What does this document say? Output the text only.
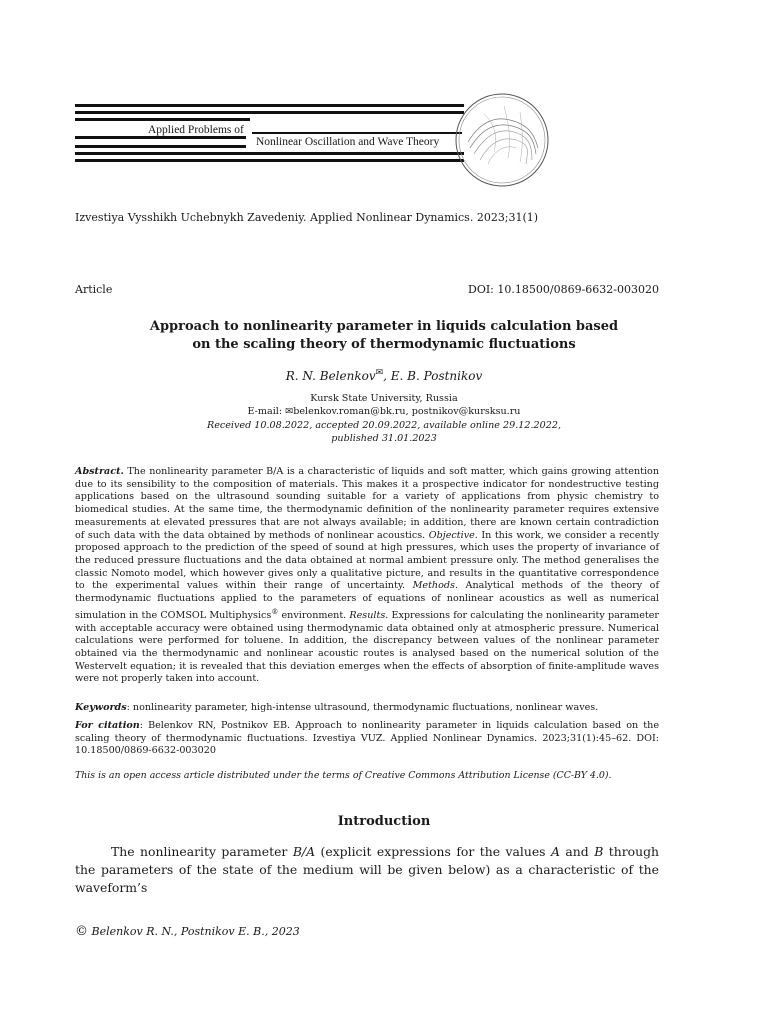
Applied Problems of
Nonlinear Oscillation and Wave Theory
Izvestiya Vysshikh Uchebnykh Zavedeniy. Applied Nonlinear Dynamics. 2023;31(1)
Article	DOI: 10.18500/0869-6632-003020
Approach to nonlinearity parameter in liquids calculation based
on the scaling theory of thermodynamic fluctuations
R. N. Belenkov✉, E. B. Postnikov
Kursk State University, Russia
E-mail: ✉belenkov.roman@bk.ru, postnikov@kursksu.ru
Received 10.08.2022, accepted 20.09.2022, available online 29.12.2022,
published 31.01.2023
Abstract. The nonlinearity parameter B/A is a characteristic of liquids and soft matter, which gains growing attention due to its sensibility to the composition of materials. This makes it a prospective indicator for nondestructive testing applications based on the ultrasound sounding suitable for a variety of applications from physic chemistry to biomedical studies. At the same time, the thermodynamic definition of the nonlinearity parameter requires extensive measurements at elevated pressures that are not always available; in addition, there are known certain contradiction of such data with the data obtained by methods of nonlinear acoustics. Objective. In this work, we consider a recently proposed approach to the prediction of the speed of sound at high pressures, which uses the property of invariance of the reduced pressure fluctuations and the data obtained at normal ambient pressure only. The method generalises the classic Nomoto model, which however gives only a qualitative picture, and results in the quantitative correspondence to the experimental values within their range of uncertainty. Methods. Analytical methods of the theory of thermodynamic fluctuations applied to the parameters of equations of nonlinear acoustics as well as numerical simulation in the COMSOL Multiphysics® environment. Results. Expressions for calculating the nonlinearity parameter with acceptable accuracy were obtained using thermodynamic data obtained only at atmospheric pressure. Numerical calculations were performed for toluene. In addition, the discrepancy between values of the nonlinear parameter obtained via the thermodynamic and nonlinear acoustic routes is analysed based on the numerical solution of the Westervelt equation; it is revealed that this deviation emerges when the effects of absorption of finite-amplitude waves were not properly taken into account.
Keywords: nonlinearity parameter, high-intense ultrasound, thermodynamic fluctuations, nonlinear waves.
For citation: Belenkov RN, Postnikov EB. Approach to nonlinearity parameter in liquids calculation based on the scaling theory of thermodynamic fluctuations. Izvestiya VUZ. Applied Nonlinear Dynamics. 2023;31(1):45–62. DOI: 10.18500/0869-6632-003020
This is an open access article distributed under the terms of Creative Commons Attribution License (CC-BY 4.0).
Introduction
The nonlinearity parameter B/A (explicit expressions for the values A and B through the parameters of the state of the medium will be given below) as a characteristic of the waveform’s
© Belenkov R. N., Postnikov E. B., 2023
